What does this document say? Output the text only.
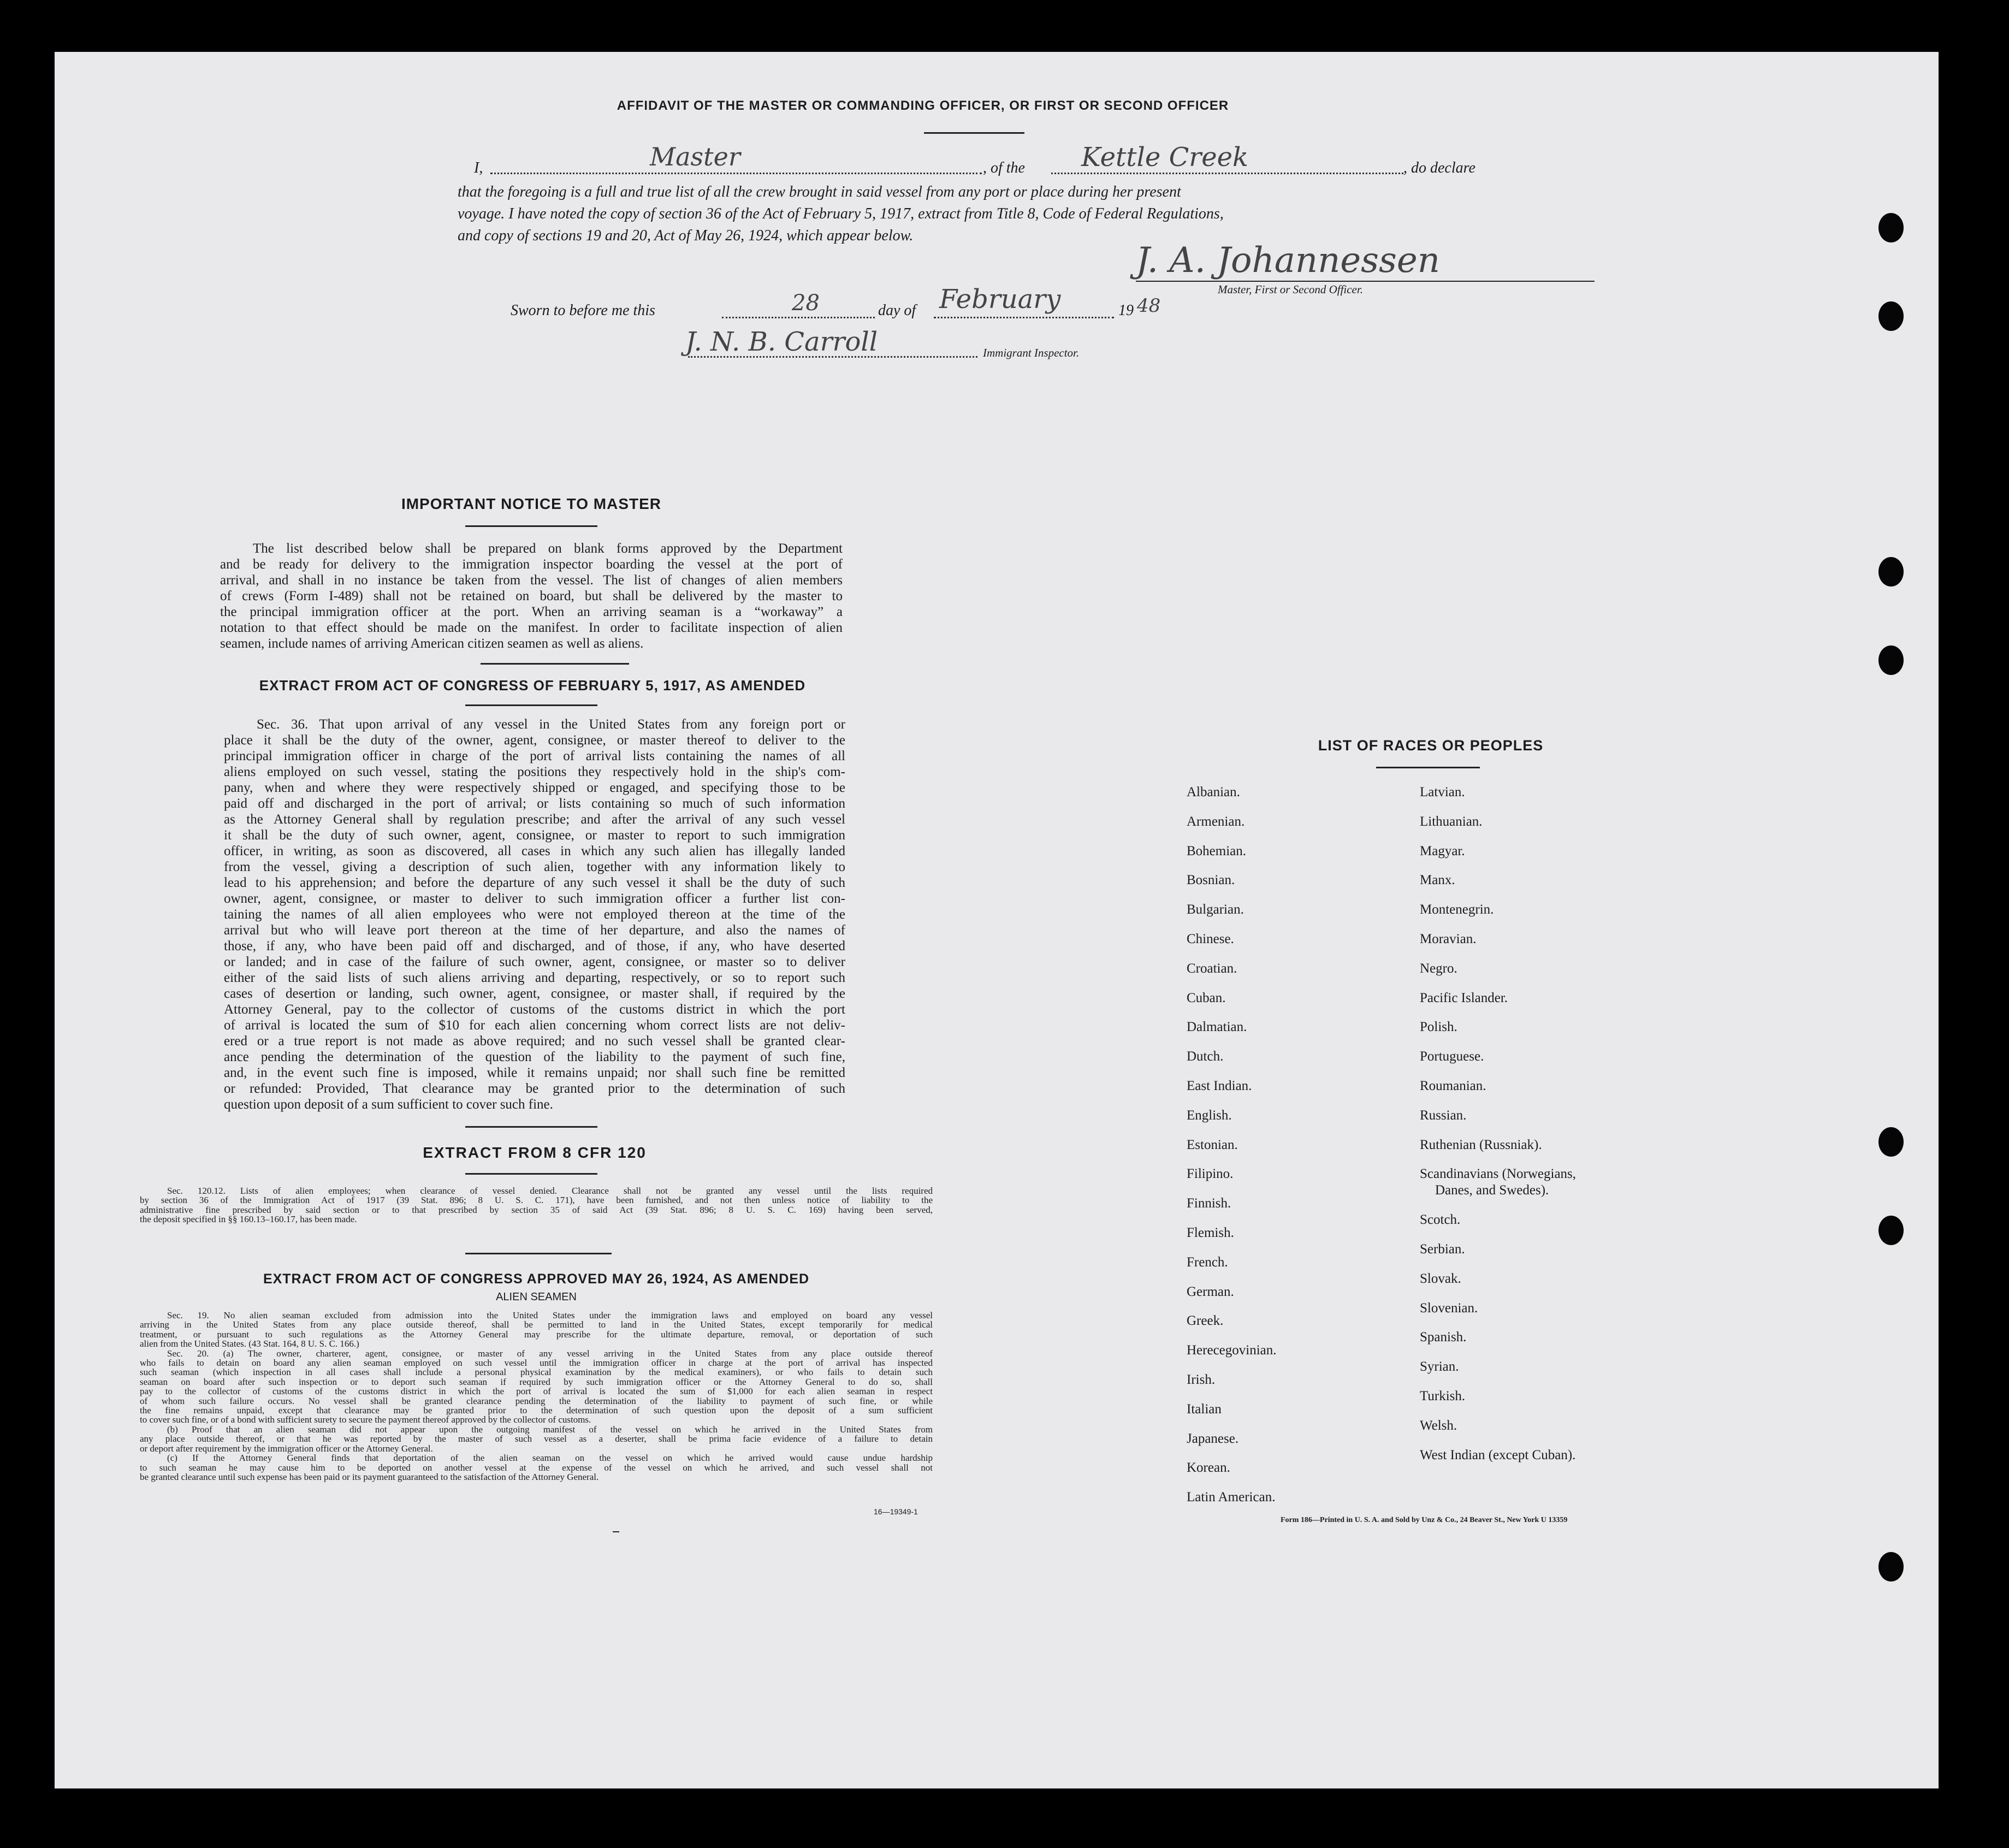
AFFIDAVIT OF THE MASTER OR COMMANDING OFFICER, OR FIRST OR SECOND OFFICER
I,	Master	, of the Kettle Creek	, do declare
that the foregoing is a full and true list of all the crew brought in said vessel from any port or place during her present
voyage. I have noted the copy of section 36 of the Act of February 5, 1917, extract from Title 8, Code of Federal Regulations,
and copy of sections 19 and 20, Act of May 26, 1924, which appear below.
J. A. Johannessen
Master, First or Second Officer.
Sworn to before me this	28	day of February	19 48
J. N. B. Carroll	Immigrant Inspector.
IMPORTANT NOTICE TO MASTER
The list described below shall be prepared on blank forms approved by the Department
and be ready for delivery to the immigration inspector boarding the vessel at the port of
arrival, and shall in no instance be taken from the vessel. The list of changes of alien members
of crews (Form I-489) shall not be retained on board, but shall be delivered by the master to
the principal immigration officer at the port. When an arriving seaman is a “workaway” a
notation to that effect should be made on the manifest. In order to facilitate inspection of alien
seamen, include names of arriving American citizen seamen as well as aliens.
EXTRACT FROM ACT OF CONGRESS OF FEBRUARY 5, 1917, AS AMENDED
Sec. 36. That upon arrival of any vessel in the United States from any foreign port or
place it shall be the duty of the owner, agent, consignee, or master thereof to deliver to the
principal immigration officer in charge of the port of arrival lists containing the names of all
aliens employed on such vessel, stating the positions they respectively hold in the ship's com-
pany, when and where they were respectively shipped or engaged, and specifying those to be
paid off and discharged in the port of arrival; or lists containing so much of such information
as the Attorney General shall by regulation prescribe; and after the arrival of any such vessel
it shall be the duty of such owner, agent, consignee, or master to report to such immigration
officer, in writing, as soon as discovered, all cases in which any such alien has illegally landed
from the vessel, giving a description of such alien, together with any information likely to
lead to his apprehension; and before the departure of any such vessel it shall be the duty of such
owner, agent, consignee, or master to deliver to such immigration officer a further list con-
taining the names of all alien employees who were not employed thereon at the time of the
arrival but who will leave port thereon at the time of her departure, and also the names of
those, if any, who have been paid off and discharged, and of those, if any, who have deserted
or landed; and in case of the failure of such owner, agent, consignee, or master so to deliver
either of the said lists of such aliens arriving and departing, respectively, or so to report such
cases of desertion or landing, such owner, agent, consignee, or master shall, if required by the
Attorney General, pay to the collector of customs of the customs district in which the port
of arrival is located the sum of $10 for each alien concerning whom correct lists are not deliv-
ered or a true report is not made as above required; and no such vessel shall be granted clear-
ance pending the determination of the question of the liability to the payment of such fine,
and, in the event such fine is imposed, while it remains unpaid; nor shall such fine be remitted
or refunded: Provided, That clearance may be granted prior to the determination of such
question upon deposit of a sum sufficient to cover such fine.
EXTRACT FROM 8 CFR 120
Sec. 120.12. Lists of alien employees; when clearance of vessel denied. Clearance shall not be granted any vessel until the lists required
by section 36 of the Immigration Act of 1917 (39 Stat. 896; 8 U. S. C. 171), have been furnished, and not then unless notice of liability to the
administrative fine prescribed by said section or to that prescribed by section 35 of said Act (39 Stat. 896; 8 U. S. C. 169) having been served,
the deposit specified in §§ 160.13–160.17, has been made.
EXTRACT FROM ACT OF CONGRESS APPROVED MAY 26, 1924, AS AMENDED
ALIEN SEAMEN
Sec. 19. No alien seaman excluded from admission into the United States under the immigration laws and employed on board any vessel
arriving in the United States from any place outside thereof, shall be permitted to land in the United States, except temporarily for medical
treatment, or pursuant to such regulations as the Attorney General may prescribe for the ultimate departure, removal, or deportation of such
alien from the United States. (43 Stat. 164, 8 U. S. C. 166.)
Sec. 20. (a) The owner, charterer, agent, consignee, or master of any vessel arriving in the United States from any place outside thereof
who fails to detain on board any alien seaman employed on such vessel until the immigration officer in charge at the port of arrival has inspected
such seaman (which inspection in all cases shall include a personal physical examination by the medical examiners), or who fails to detain such
seaman on board after such inspection or to deport such seaman if required by such immigration officer or the Attorney General to do so, shall
pay to the collector of customs of the customs district in which the port of arrival is located the sum of $1,000 for each alien seaman in respect
of whom such failure occurs. No vessel shall be granted clearance pending the determination of the liability to payment of such fine, or while
the fine remains unpaid, except that clearance may be granted prior to the determination of such question upon the deposit of a sum sufficient
to cover such fine, or of a bond with sufficient surety to secure the payment thereof approved by the collector of customs.
(b) Proof that an alien seaman did not appear upon the outgoing manifest of the vessel on which he arrived in the United States from
any place outside thereof, or that he was reported by the master of such vessel as a deserter, shall be prima facie evidence of a failure to detain
or deport after requirement by the immigration officer or the Attorney General.
(c) If the Attorney General finds that deportation of the alien seaman on the vessel on which he arrived would cause undue hardship
to such seaman he may cause him to be deported on another vessel at the expense of the vessel on which he arrived, and such vessel shall not
be granted clearance until such expense has been paid or its payment guaranteed to the satisfaction of the Attorney General.
16—19349-1
LIST OF RACES OR PEOPLES
Albanian.
Armenian.
Bohemian.
Bosnian.
Bulgarian.
Chinese.
Croatian.
Cuban.
Dalmatian.
Dutch.
East Indian.
English.
Estonian.
Filipino.
Finnish.
Flemish.
French.
German.
Greek.
Herecegovinian.
Irish.
Italian
Japanese.
Korean.
Latin American.
Latvian.
Lithuanian.
Magyar.
Manx.
Montenegrin.
Moravian.
Negro.
Pacific Islander.
Polish.
Portuguese.
Roumanian.
Russian.
Ruthenian (Russniak).
Scandinavians (Norwegians,
Danes, and Swedes).
Scotch.
Serbian.
Slovak.
Slovenian.
Spanish.
Syrian.
Turkish.
Welsh.
West Indian (except Cuban).
Form 186—Printed in U. S. A. and Sold by Unz & Co., 24 Beaver St., New York U 13359
